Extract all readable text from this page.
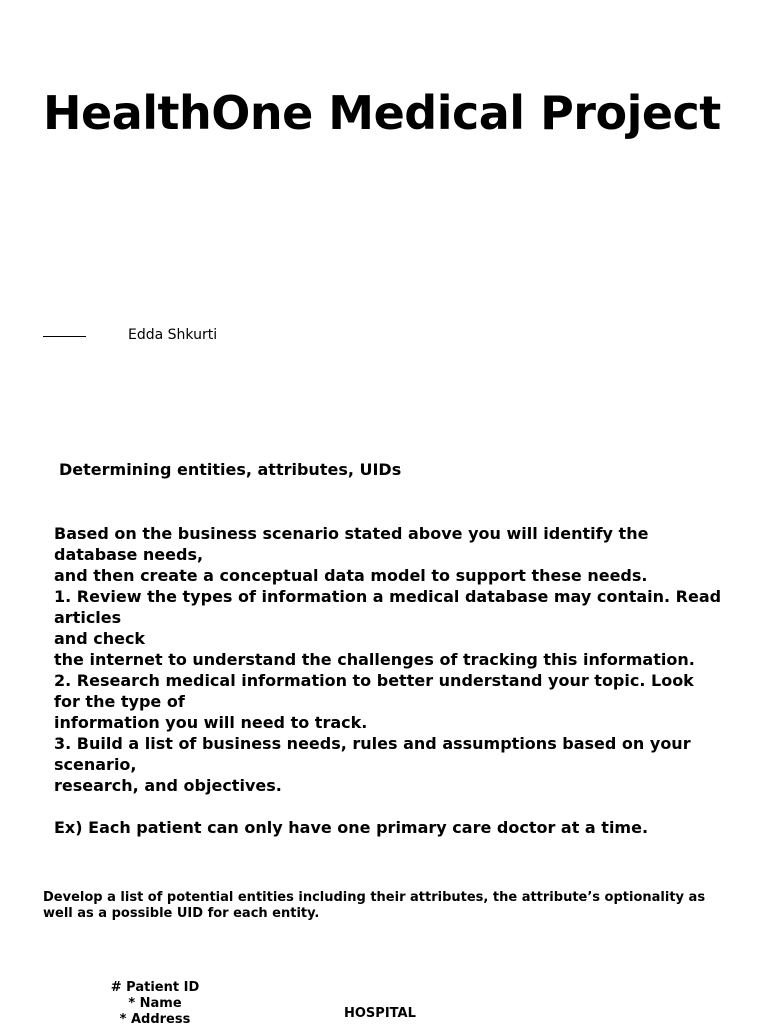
HealthOne Medical Project
Edda Shkurti
Determining entities, attributes, UIDs
Based on the business scenario stated above you will identify the
database needs,
and then create a conceptual data model to support these needs.
1. Review the types of information a medical database may contain. Read
articles
and check
the internet to understand the challenges of tracking this information.
2. Research medical information to better understand your topic. Look
for the type of
information you will need to track.
3. Build a list of business needs, rules and assumptions based on your
scenario,
research, and objectives.
Ex) Each patient can only have one primary care doctor at a time.
Develop a list of potential entities including their attributes, the attribute’s optionality as
well as a possible UID for each entity.
# Patient ID
* Name
* Address	HOSPITAL
